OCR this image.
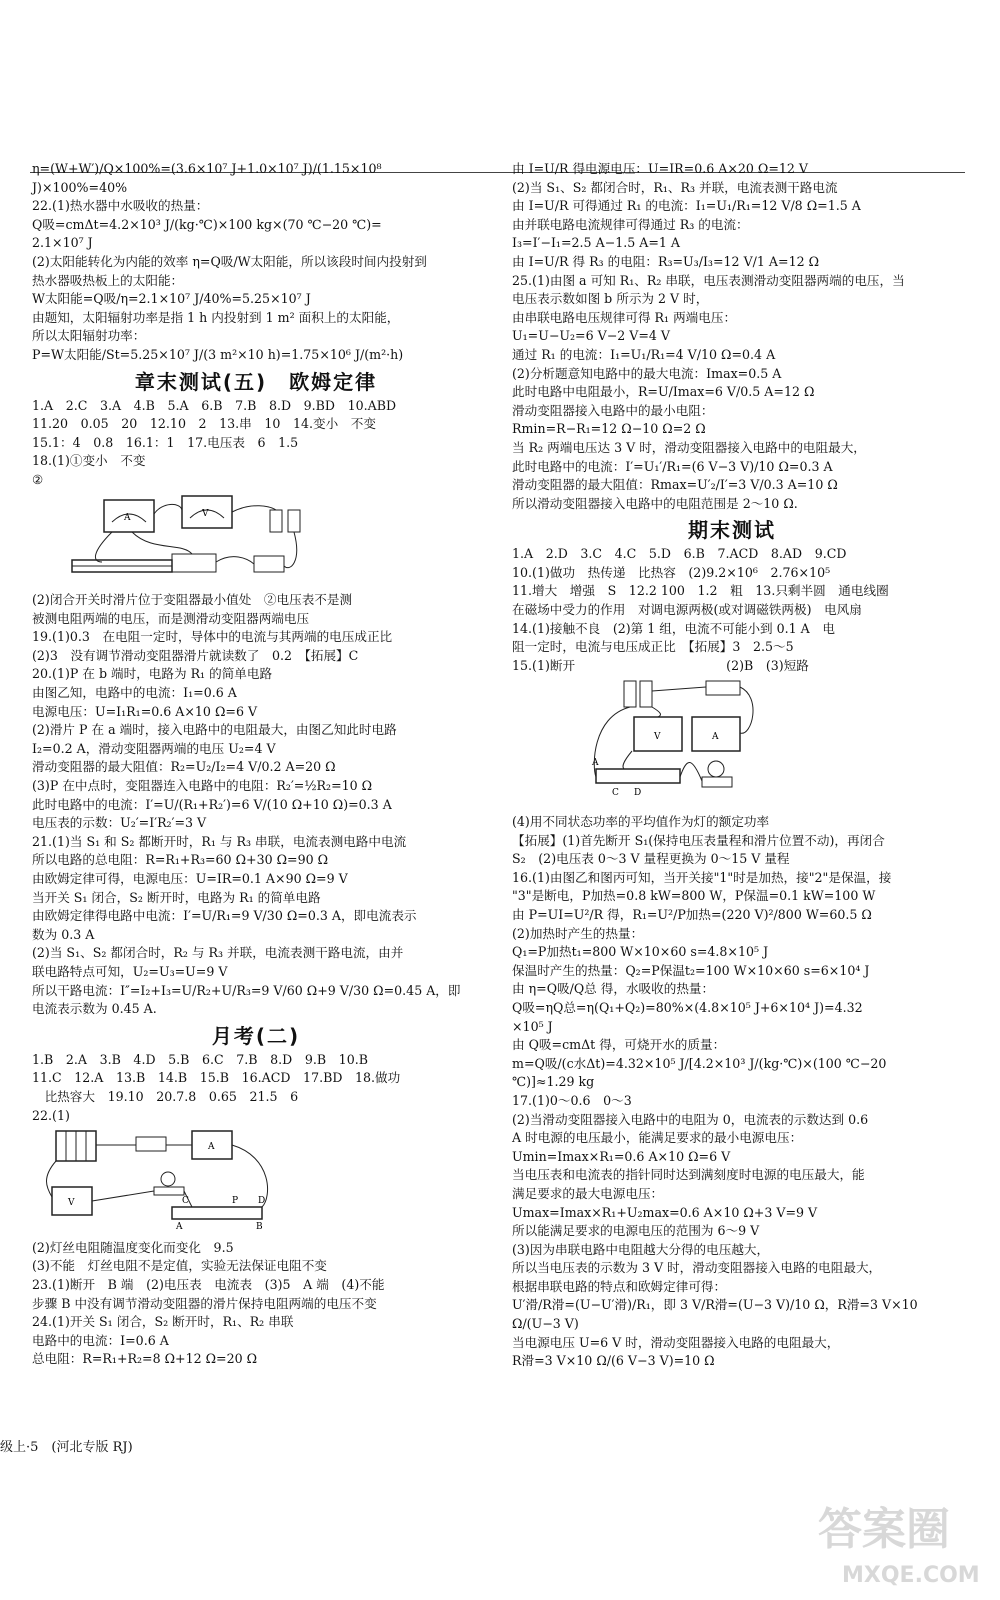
η=(W+W′)/Q×100%=(3.6×10⁷ J+1.0×10⁷ J)/(1.15×10⁸ J)×100%=40%
22.(1)热水器中水吸收的热量：
Q吸=cmΔt=4.2×10³ J/(kg·℃)×100 kg×(70 ℃−20 ℃)=
2.1×10⁷ J
(2)太阳能转化为内能的效率 η=Q吸/W太阳能，所以该段时间内投射到
热水器吸热板上的太阳能：
W太阳能=Q吸/η=2.1×10⁷ J/40%=5.25×10⁷ J
由题知，太阳辐射功率是指 1 h 内投射到 1 m² 面积上的太阳能，
所以太阳辐射功率：
P=W太阳能/St=5.25×10⁷ J/(3 m²×10 h)=1.75×10⁶ J/(m²·h)
章末测试(五)　欧姆定律
1.A　2.C　3.A　4.B　5.A　6.B　7.B　8.D　9.BD　10.ABD
11.20　0.05　20　12.10　2　13.串　10　14.变小　不变
15.1：4　0.8　16.1：1　17.电压表　6　1.5
18.(1)①变小　不变
②
A	V
(2)闭合开关时滑片位于变阻器最小值处　②电压表不是测
被测电阻两端的电压，而是测滑动变阻器两端电压
19.(1)0.3　在电阻一定时，导体中的电流与其两端的电压成正比
(2)3　没有调节滑动变阻器滑片就读数了　0.2　【拓展】C
20.(1)P 在 b 端时，电路为 R₁ 的简单电路
由图乙知，电路中的电流：I₁=0.6 A
电源电压：U=I₁R₁=0.6 A×10 Ω=6 V
(2)滑片 P 在 a 端时，接入电路中的电阻最大，由图乙知此时电路
I₂=0.2 A，滑动变阻器两端的电压 U₂=4 V
滑动变阻器的最大阻值：R₂=U₂/I₂=4 V/0.2 A=20 Ω
(3)P 在中点时，变阻器连入电路中的电阻：R₂′=½R₂=10 Ω
此时电路中的电流：I′=U/(R₁+R₂′)=6 V/(10 Ω+10 Ω)=0.3 A
电压表的示数：U₂′=I′R₂′=3 V
21.(1)当 S₁ 和 S₂ 都断开时，R₁ 与 R₃ 串联，电流表测电路中电流
所以电路的总电阻：R=R₁+R₃=60 Ω+30 Ω=90 Ω
由欧姆定律可得，电源电压：U=IR=0.1 A×90 Ω=9 V
当开关 S₁ 闭合，S₂ 断开时，电路为 R₁ 的简单电路
由欧姆定律得电路中电流：I′=U/R₁=9 V/30 Ω=0.3 A，即电流表示
数为 0.3 A
(2)当 S₁、S₂ 都闭合时，R₂ 与 R₃ 并联，电流表测干路电流，由并
联电路特点可知，U₂=U₃=U=9 V
所以干路电流：I″=I₂+I₃=U/R₂+U/R₃=9 V/60 Ω+9 V/30 Ω=0.45 A，即
电流表示数为 0.45 A.
月考(二)
1.B　2.A　3.B　4.D　5.B　6.C　7.B　8.D　9.B　10.B
11.C　12.A　13.B　14.B　15.B　16.ACD　17.BD　18.做功
　比热容大　19.10　20.7.8　0.65　21.5　6
22.(1)
A
V	C	P D
A	B
(2)灯丝电阻随温度变化而变化　9.5
(3)不能　灯丝电阻不是定值，实验无法保证电阻不变
23.(1)断开　B 端　(2)电压表　电流表　(3)5　A 端　(4)不能
步骤 B 中没有调节滑动变阻器的滑片保持电阻两端的电压不变
24.(1)开关 S₁ 闭合，S₂ 断开时，R₁、R₂ 串联
电路中的电流：I=0.6 A
总电阻：R=R₁+R₂=8 Ω+12 Ω=20 Ω
由 I=U/R 得电源电压：U=IR=0.6 A×20 Ω=12 V
(2)当 S₁、S₂ 都闭合时，R₁、R₃ 并联，电流表测干路电流
由 I=U/R 可得通过 R₁ 的电流：I₁=U₁/R₁=12 V/8 Ω=1.5 A
由并联电路电流规律可得通过 R₃ 的电流：
I₃=I′−I₁=2.5 A−1.5 A=1 A
由 I=U/R 得 R₃ 的电阻：R₃=U₃/I₃=12 V/1 A=12 Ω
25.(1)由图 a 可知 R₁、R₂ 串联，电压表测滑动变阻器两端的电压，当
电压表示数如图 b 所示为 2 V 时，
由串联电路电压规律可得 R₁ 两端电压：
U₁=U−U₂=6 V−2 V=4 V
通过 R₁ 的电流：I₁=U₁/R₁=4 V/10 Ω=0.4 A
(2)分析题意知电路中的最大电流：Imax=0.5 A
此时电路中电阻最小，R=U/Imax=6 V/0.5 A=12 Ω
滑动变阻器接入电路中的最小电阻：
Rmin=R−R₁=12 Ω−10 Ω=2 Ω
当 R₂ 两端电压达 3 V 时，滑动变阻器接入电路中的电阻最大，
此时电路中的电流：I′=U₁′/R₁=(6 V−3 V)/10 Ω=0.3 A
滑动变阻器的最大阻值：Rmax=U′₂/I′=3 V/0.3 A=10 Ω
所以滑动变阻器接入电路中的电阻范围是 2～10 Ω.
期末测试
1.A　2.D　3.C　4.C　5.D　6.B　7.ACD　8.AD　9.CD
10.(1)做功　热传递　比热容　(2)9.2×10⁶　2.76×10⁵
11.增大　增强　S　12.2 100　1.2　粗　13.只剩半圆　通电线圈
在磁场中受力的作用　对调电源两极(或对调磁铁两极)　电风扇
14.(1)接触不良　(2)第 1 组，电流不可能小到 0.1 A　电
阻一定时，电流与电压成正比　【拓展】3　2.5～5
15.(1)断开　　　　　　　　　　　　(2)B　(3)短路
V	A
A
C D
(4)用不同状态功率的平均值作为灯的额定功率
【拓展】(1)首先断开 S₁(保持电压表量程和滑片位置不动)，再闭合
S₂　(2)电压表 0～3 V 量程更换为 0～15 V 量程
16.(1)由图乙和图丙可知，当开关接"1"时是加热，接"2"是保温，接
"3"是断电，P加热=0.8 kW=800 W，P保温=0.1 kW=100 W
由 P=UI=U²/R 得，R₁=U²/P加热=(220 V)²/800 W=60.5 Ω
(2)加热时产生的热量：
Q₁=P加热t₁=800 W×10×60 s=4.8×10⁵ J
保温时产生的热量：Q₂=P保温t₂=100 W×10×60 s=6×10⁴ J
由 η=Q吸/Q总 得，水吸收的热量：
Q吸=ηQ总=η(Q₁+Q₂)=80%×(4.8×10⁵ J+6×10⁴ J)=4.32
×10⁵ J
由 Q吸=cmΔt 得，可烧开水的质量：
m=Q吸/(c水Δt)=4.32×10⁵ J/[4.2×10³ J/(kg·℃)×(100 ℃−20 ℃)]≈1.29 kg
17.(1)0～0.6　0～3
(2)当滑动变阻器接入电路中的电阻为 0，电流表的示数达到 0.6
A 时电源的电压最小，能满足要求的最小电源电压：
Umin=Imax×R₁=0.6 A×10 Ω=6 V
当电压表和电流表的指针同时达到满刻度时电源的电压最大，能
满足要求的最大电源电压：
Umax=Imax×R₁+U₂max=0.6 A×10 Ω+3 V=9 V
所以能满足要求的电源电压的范围为 6～9 V
(3)因为串联电路中电阻越大分得的电压越大，
所以当电压表的示数为 3 V 时，滑动变阻器接入电路的电阻最大，
根据串联电路的特点和欧姆定律可得：
U′滑/R滑=(U−U′滑)/R₁，即 3 V/R滑=(U−3 V)/10 Ω，R滑=3 V×10 Ω/(U−3 V)
当电源电压 U=6 V 时，滑动变阻器接入电路的电阻最大，
R滑=3 V×10 Ω/(6 V−3 V)=10 Ω
级上·5　(河北专版 RJ)
答案圈
MXQE.COM
